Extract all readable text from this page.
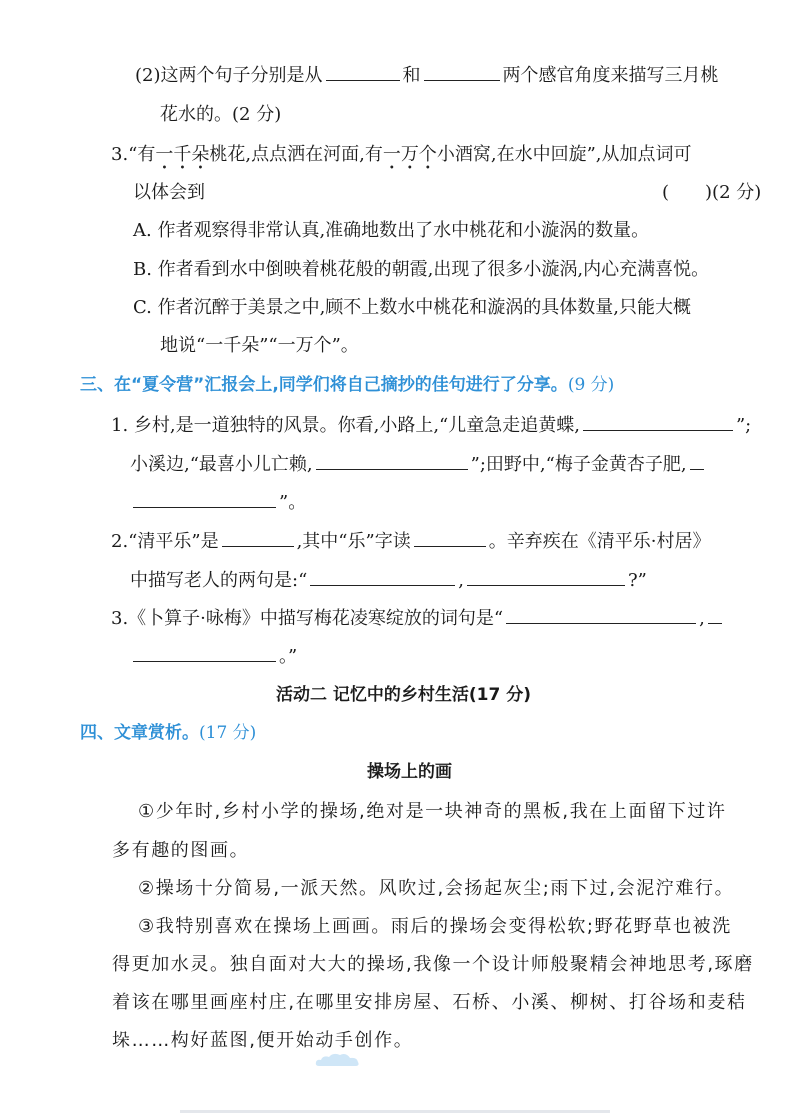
(2)这两个句子分别是从	和	两个感官角度来描写三月桃
花水的。(2 分)
3.“有一千朵桃花,点点洒在河面,有一万个小酒窝,在水中回旋”,从加点词可
以体会到	( )(2 分)
A. 作者观察得非常认真,准确地数出了水中桃花和小漩涡的数量。
B. 作者看到水中倒映着桃花般的朝霞,出现了很多小漩涡,内心充满喜悦。
C. 作者沉醉于美景之中,顾不上数水中桃花和漩涡的具体数量,只能大概
地说“一千朵”“一万个”。
三、在“夏令营”汇报会上,同学们将自己摘抄的佳句进行了分享。(9 分)
1. 乡村,是一道独特的风景。你看,小路上,“儿童急走追黄蝶,	”;
小溪边,“最喜小儿亡赖,	”;田野中,“梅子金黄杏子肥,
”。
2.“清平乐”是	,其中“乐”字读	。辛弃疾在《清平乐·村居》
中描写老人的两句是:“	,	?”
3.《卜算子·咏梅》中描写梅花凌寒绽放的词句是“	,
。”
活动二 记忆中的乡村生活(17 分)
四、文章赏析。(17 分)
操场上的画
①少年时,乡村小学的操场,绝对是一块神奇的黑板,我在上面留下过许
多有趣的图画。
②操场十分简易,一派天然。风吹过,会扬起灰尘;雨下过,会泥泞难行。
③我特别喜欢在操场上画画。雨后的操场会变得松软;野花野草也被洗
得更加水灵。独自面对大大的操场,我像一个设计师般聚精会神地思考,琢磨
着该在哪里画座村庄,在哪里安排房屋、石桥、小溪、柳树、打谷场和麦秸
垛……构好蓝图,便开始动手创作。
